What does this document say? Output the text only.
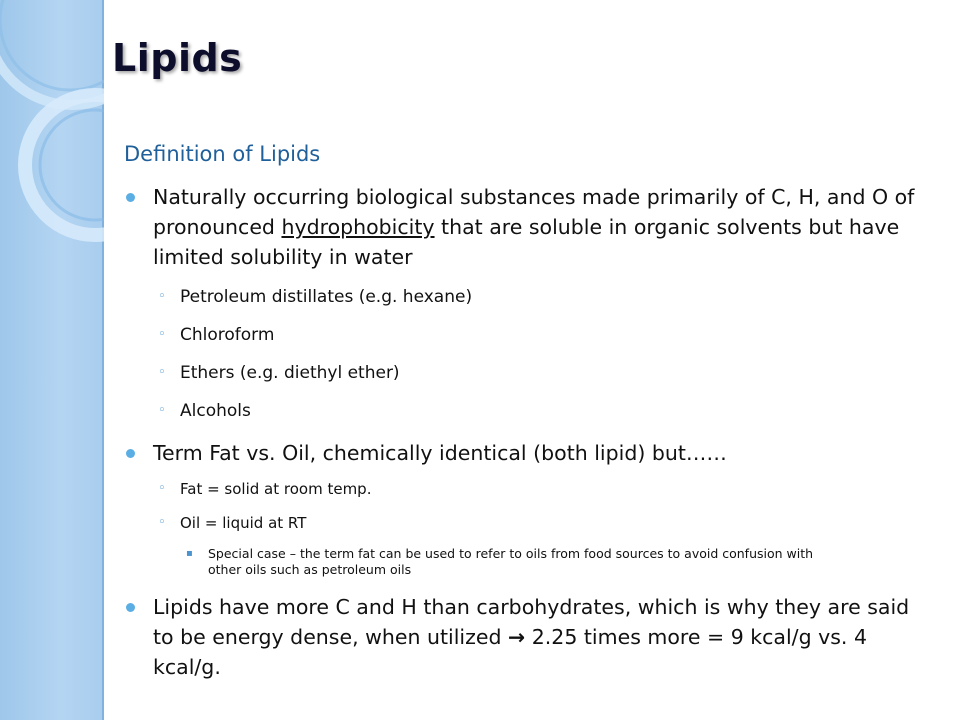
Lipids
Definition of Lipids
Naturally occurring biological substances made primarily of C, H, and O of pronounced hydrophobicity that are soluble in organic solvents but have limited solubility in water
◦ Petroleum distillates (e.g. hexane)
◦ Chloroform
◦ Ethers (e.g. diethyl ether)
◦ Alcohols
Term Fat vs. Oil, chemically identical (both lipid) but……
◦ Fat = solid at room temp.
◦ Oil = liquid at RT
▪ Special case – the term fat can be used to refer to oils from food sources to avoid confusion with other oils such as petroleum oils
Lipids have more C and H than carbohydrates, which is why they are said to be energy dense, when utilized → 2.25 times more = 9 kcal/g vs. 4 kcal/g.
